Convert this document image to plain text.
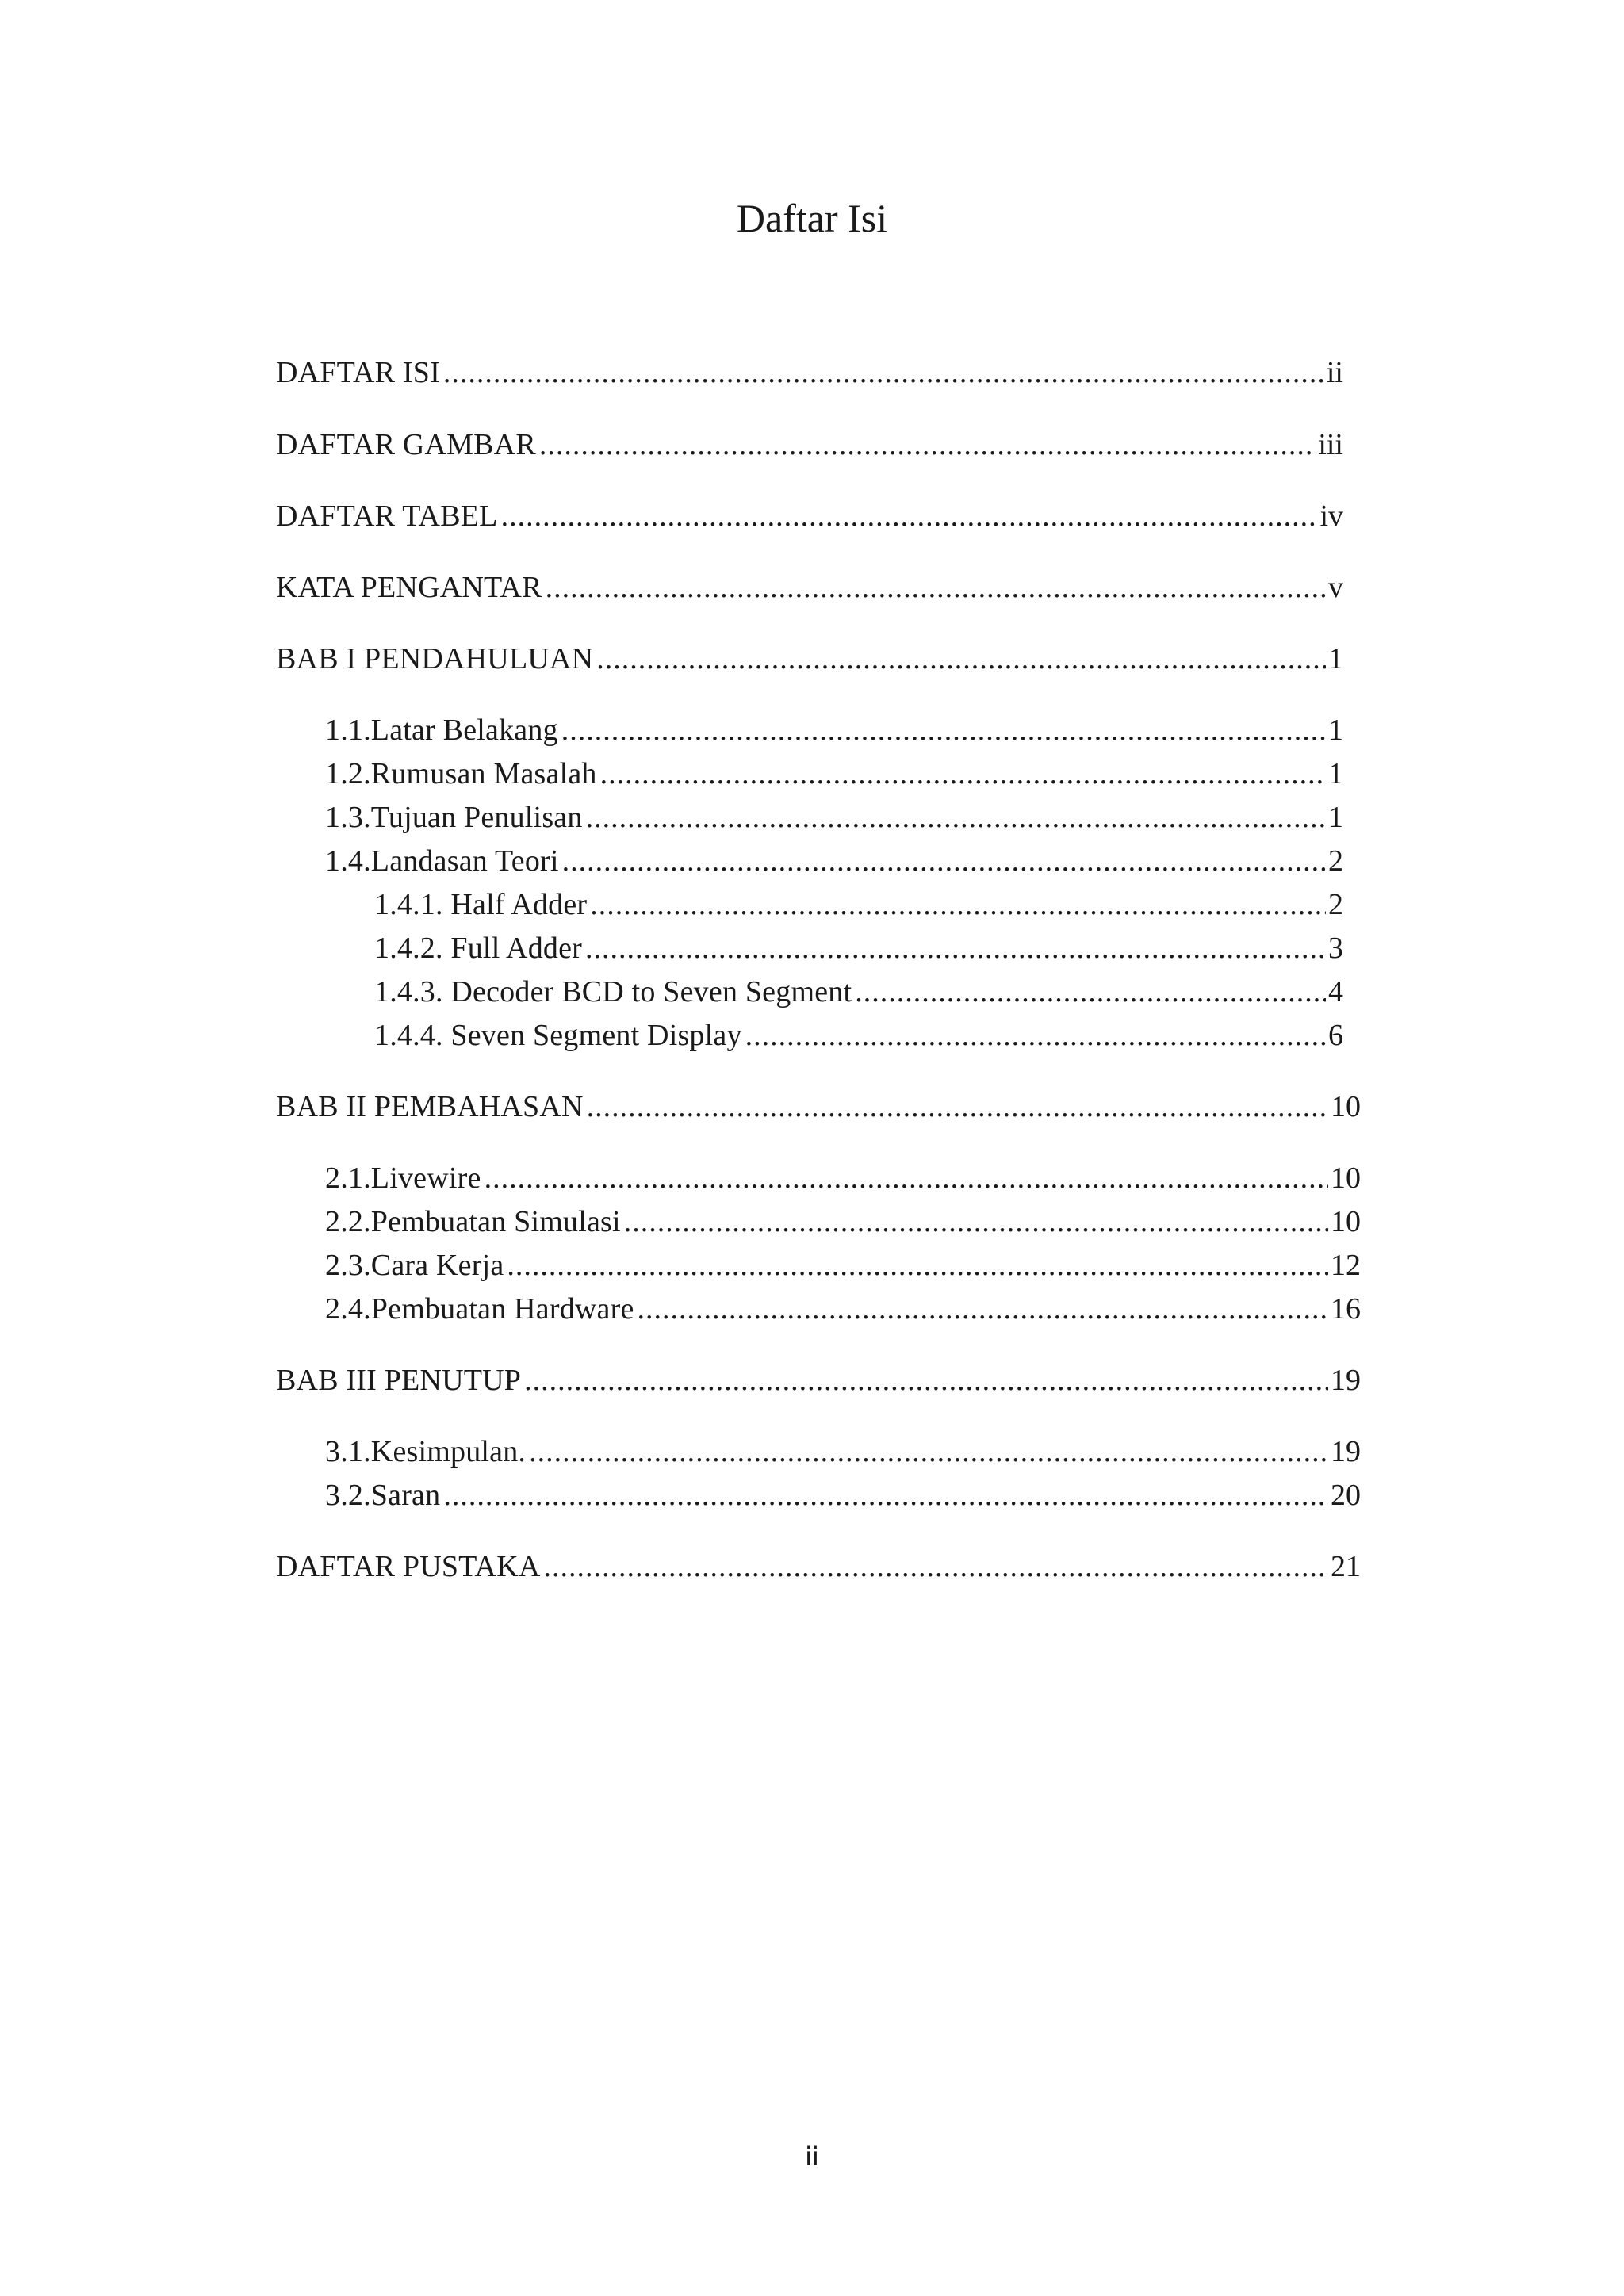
Daftar Isi
DAFTAR ISI .....	ii
DAFTAR GAMBAR .....	iii
DAFTAR TABEL .....	iv
KATA PENGANTAR .....	v
BAB I PENDAHULUAN .....	1
1.1.Latar Belakang .....	1
1.2.Rumusan Masalah .....	1
1.3.Tujuan Penulisan .....	1
1.4.Landasan Teori .....	2
1.4.1. Half Adder .....	2
1.4.2. Full Adder .....	3
1.4.3. Decoder BCD to Seven Segment .....	4
1.4.4. Seven Segment Display .....	6
BAB II PEMBAHASAN .....	10
2.1.Livewire .....	10
2.2.Pembuatan Simulasi .....	10
2.3.Cara Kerja .....	12
2.4.Pembuatan Hardware .....	16
BAB III PENUTUP .....	19
3.1.Kesimpulan. .....	19
3.2.Saran .....	20
DAFTAR PUSTAKA .....	21
ii
